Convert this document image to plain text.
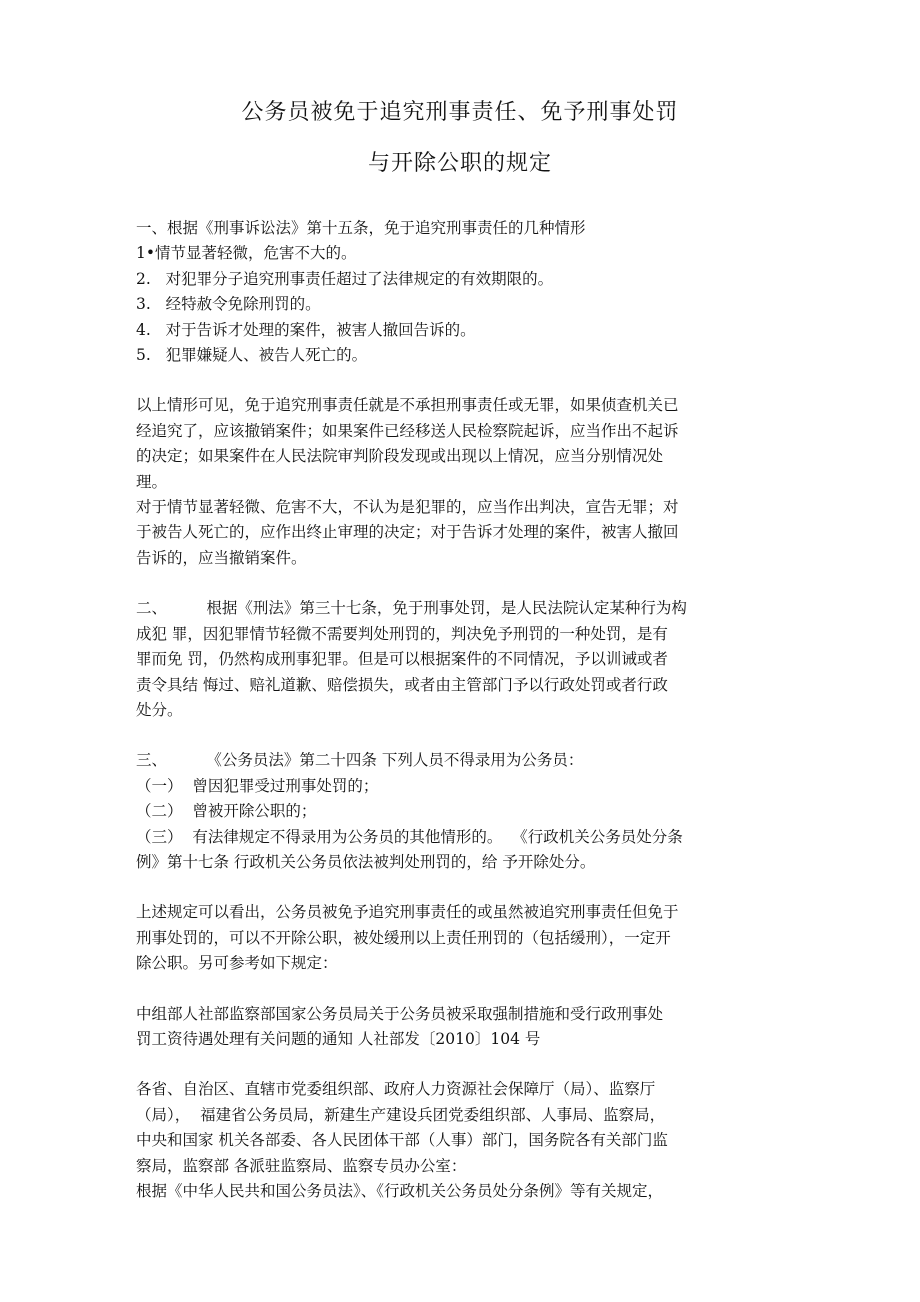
公务员被免于追究刑事责任、免予刑事处罚
与开除公职的规定

一、根据《刑事诉讼法》第十五条，免于追究刑事责任的几种情形

1•情节显著轻微，危害不大的。

2.   对犯罪分子追究刑事责任超过了法律规定的有效期限的。

3.   经特赦令免除刑罚的。

4.   对于告诉才处理的案件，被害人撤回告诉的。

5.   犯罪嫌疑人、被告人死亡的。

以上情形可见，免于追究刑事责任就是不承担刑事责任或无罪，如果侦查机关已

经追究了，应该撤销案件；如果案件已经移送人民检察院起诉，应当作出不起诉

的决定；如果案件在人民法院审判阶段发现或出现以上情况，应当分别情况处

理。

对于情节显著轻微、危害不大，不认为是犯罪的，应当作出判决，宣告无罪；对

于被告人死亡的，应作出终止审理的决定；对于告诉才处理的案件，被害人撤回

告诉的，应当撤销案件。

二、        根据《刑法》第三十七条，免于刑事处罚，是人民法院认定某种行为构

成犯 罪，因犯罪情节轻微不需要判处刑罚的，判决免予刑罚的一种处罚，是有

罪而免 罚，仍然构成刑事犯罪。但是可以根据案件的不同情况，予以训诫或者

责令具结 悔过、赔礼道歉、赔偿损失，或者由主管部门予以行政处罚或者行政

处分。

三、        《公务员法》第二十四条 下列人员不得录用为公务员：

（一）  曾因犯罪受过刑事处罚的；

（二）  曾被开除公职的；

（三）  有法律规定不得录用为公务员的其他情形的。  《行政机关公务员处分条

例》第十七条 行政机关公务员依法被判处刑罚的，给 予开除处分。

上述规定可以看出，公务员被免予追究刑事责任的或虽然被追究刑事责任但免于

刑事处罚的，可以不开除公职，被处缓刑以上责任刑罚的（包括缓刑），一定开

除公职。另可参考如下规定：

中组部人社部监察部国家公务员局关于公务员被采取强制措施和受行政刑事处

罚工资待遇处理有关问题的通知 人社部发〔2010〕104 号

各省、自治区、直辖市党委组织部、政府人力资源社会保障厅（局）、监察厅

（局），  福建省公务员局，新建生产建设兵团党委组织部、人事局、监察局，

中央和国家 机关各部委、各人民团体干部（人事）部门，国务院各有关部门监

察局，监察部 各派驻监察局、监察专员办公室：

根据《中华人民共和国公务员法》、《行政机关公务员处分条例》等有关规定，
